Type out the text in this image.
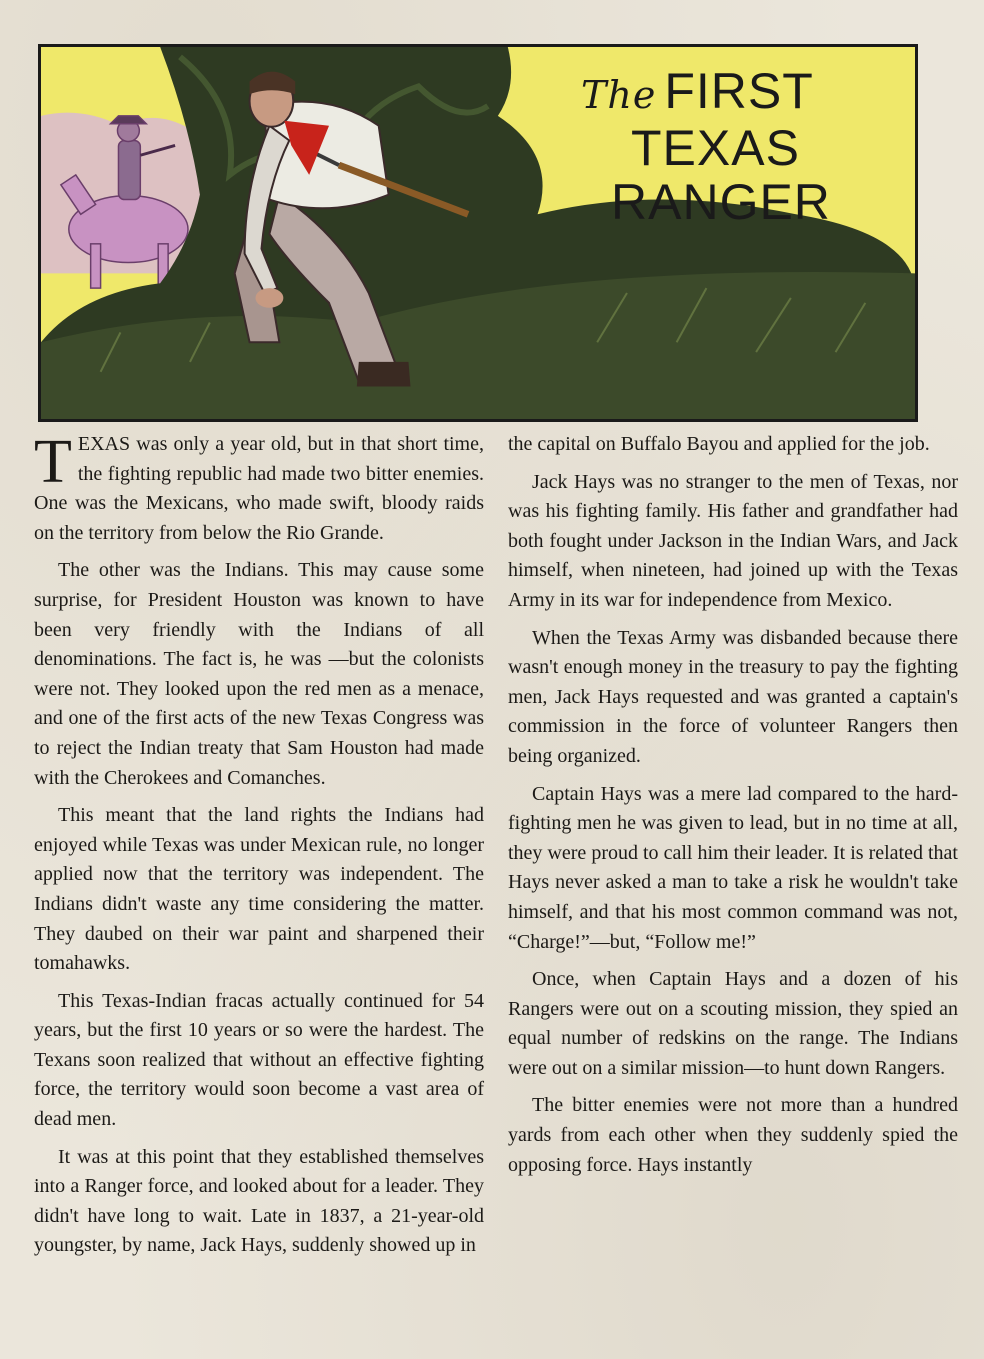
The FIRST
TEXAS
RANGER

TEXAS was only a year old, but in that short time, the fighting republic had made two bitter enemies. One was the Mexicans, who made swift, bloody raids on the territory from below the Rio Grande.

The other was the Indians. This may cause some surprise, for President Houston was known to have been very friendly with the Indians of all denominations. The fact is, he was —but the colonists were not. They looked upon the red men as a menace, and one of the first acts of the new Texas Congress was to reject the Indian treaty that Sam Houston had made with the Cherokees and Comanches.

This meant that the land rights the Indians had enjoyed while Texas was under Mexican rule, no longer applied now that the territory was independent. The Indians didn't waste any time considering the matter. They daubed on their war paint and sharpened their tomahawks.

This Texas-Indian fracas actually continued for 54 years, but the first 10 years or so were the hardest. The Texans soon realized that without an effective fighting force, the territory would soon become a vast area of dead men.

It was at this point that they established themselves into a Ranger force, and looked about for a leader. They didn't have long to wait. Late in 1837, a 21-year-old youngster, by name, Jack Hays, suddenly showed up in

the capital on Buffalo Bayou and applied for the job.

Jack Hays was no stranger to the men of Texas, nor was his fighting family. His father and grandfather had both fought under Jackson in the Indian Wars, and Jack himself, when nineteen, had joined up with the Texas Army in its war for independence from Mexico.

When the Texas Army was disbanded because there wasn't enough money in the treasury to pay the fighting men, Jack Hays requested and was granted a captain's commission in the force of volunteer Rangers then being organized.

Captain Hays was a mere lad compared to the hard-fighting men he was given to lead, but in no time at all, they were proud to call him their leader. It is related that Hays never asked a man to take a risk he wouldn't take himself, and that his most common command was not, “Charge!”—but, “Follow me!”

Once, when Captain Hays and a dozen of his Rangers were out on a scouting mission, they spied an equal number of redskins on the range. The Indians were out on a similar mission—to hunt down Rangers.

The bitter enemies were not more than a hundred yards from each other when they suddenly spied the opposing force. Hays instantly
